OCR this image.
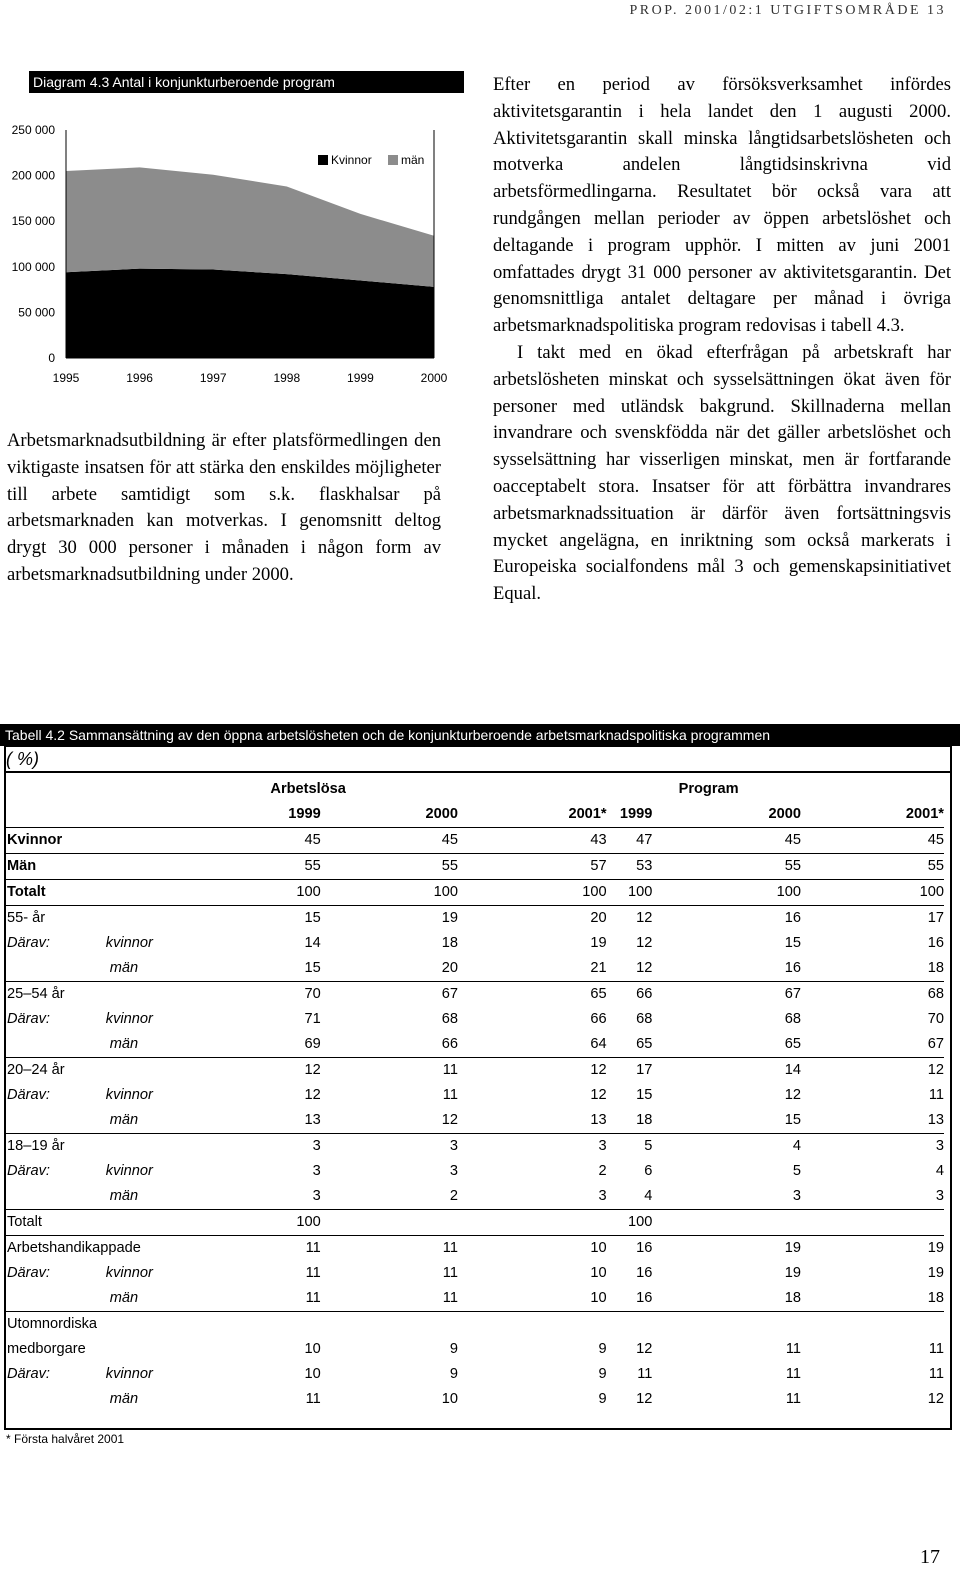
PROP. 2001/02:1 UTGIFTSOMRÅDE 13
Diagram 4.3 Antal i konjunkturberoende program
0
50 000
100 000
150 000
200 000
250 000
1995	1996	1997	1998	1999	2000
Kvinnor män

Arbetsmarknadsutbildning är efter platsförmedlingen den viktigaste insatsen för att stärka den enskildes möjligheter till arbete samtidigt som s.k. flaskhalsar på arbetsmarknaden kan motverkas. I genomsnitt deltog drygt 30 000 personer i månaden i någon form av arbetsmarknadsutbildning under 2000.

Efter en period av försöksverksamhet infördes aktivitetsgarantin i hela landet den 1 augusti 2000. Aktivitetsgarantin skall minska långtidsarbetslösheten och motverka andelen långtidsinskrivna vid arbetsförmedlingarna. Resultatet bör också vara att rundgången mellan perioder av öppen arbetslöshet och deltagande i program upphör. I mitten av juni 2001 omfattades drygt 31 000 personer av aktivitetsgarantin. Det genomsnittliga antalet deltagare per månad i övriga arbetsmarknadspolitiska program redovisas i tabell 4.3.

I takt med en ökad efterfrågan på arbetskraft har arbetslösheten minskat och sysselsättningen ökat även för personer med utländsk bakgrund. Skillnaderna mellan invandrare och svenskfödda när det gäller arbetslöshet och sysselsättning har visserligen minskat, men är fortfarande oacceptabelt stora. Insatser för att förbättra invandrares arbetsmarknadssituation är därför även fortsättningsvis mycket angelägna, en inriktning som också markerats i Europeiska socialfondens mål 3 och gemenskapsinitiativet Equal.

Tabell 4.2 Sammansättning av den öppna arbetslösheten och de konjunkturberoende arbetsmarknadspolitiska programmen
( %)
		Arbetslösa			Program		
		1999	2000	2001*	1999	2000	2001*
Kvinnor		45	45	43	47	45	45
Män		55	55	57	53	55	55
Totalt		100	100	100	100	100	100
55- år		15	19	20	12	16	17
Därav:	kvinnor	14	18	19	12	15	16
	män	15	20	21	12	16	18
25–54 år		70	67	65	66	67	68
Därav:	kvinnor	71	68	66	68	68	70
	män	69	66	64	65	65	67
20–24 år		12	11	12	17	14	12
Därav:	kvinnor	12	11	12	15	12	11
	män	13	12	13	18	15	13
18–19 år		3	3	3	5	4	3
Därav:	kvinnor	3	3	2	6	5	4
	män	3	2	3	4	3	3
Totalt		100			100		
Arbetshandikappade		11	11	10	16	19	19
Därav:	kvinnor	11	11	10	16	19	19
	män	11	11	10	16	18	18
Utomnordiska							
medborgare		10	9	9	12	11	11
Därav:	kvinnor	10	9	9	11	11	11
	män	11	10	9	12	11	12
* Första halvåret 2001
17
